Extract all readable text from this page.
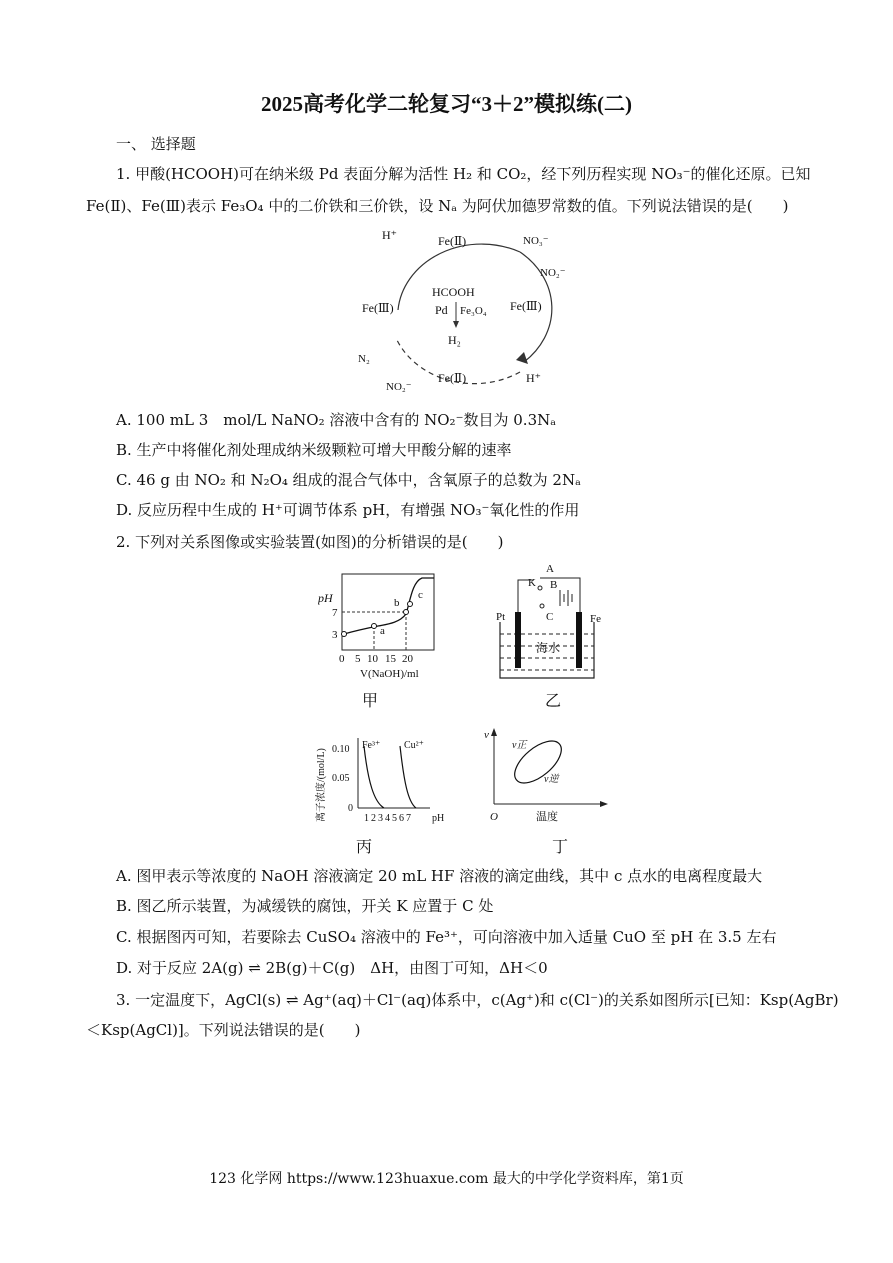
2025高考化学二轮复习“3＋2”模拟练(二)
一、 选择题
1. 甲酸(HCOOH)可在纳米级 Pd 表面分解为活性 H₂ 和 CO₂，经下列历程实现 NO₃⁻的催化还原。已知
Fe(Ⅱ)、Fe(Ⅲ)表示 Fe₃O₄ 中的二价铁和三价铁，设 Nₐ 为阿伏加德罗常数的值。下列说法错误的是(　　)
Fe(Ⅱ)
H⁺	NO₃⁻
NO₂⁻
Fe(Ⅲ)
Fe(Ⅲ)
HCOOH
Pd Fe₃O₄
H₂
Fe(Ⅱ)	H⁺
N₂
NO₂⁻
A. 100 mL 3　mol/L NaNO₂ 溶液中含有的 NO₂⁻数目为 0.3Nₐ
B. 生产中将催化剂处理成纳米级颗粒可增大甲酸分解的速率
C. 46 g 由 NO₂ 和 N₂O₄ 组成的混合气体中，含氧原子的总数为 2Nₐ
D. 反应历程中生成的 H⁺可调节体系 pH，有增强 NO₃⁻氧化性的作用
2. 下列对关系图像或实验装置(如图)的分析错误的是(　　)
pH
7
3	a
b
c
0 5 10 15 20
V(NaOH)/ml
甲
A
K B
C
Pt	Fe
海水
乙
离子浓度/(mol/L) 0.10
0.05
0
Fe³⁺ Cu²⁺
1 2 3 4 5 6 7 pH
丙
v
v正
v逆
O	温度
丁
A. 图甲表示等浓度的 NaOH 溶液滴定 20 mL HF 溶液的滴定曲线，其中 c 点水的电离程度最大
B. 图乙所示装置，为减缓铁的腐蚀，开关 K 应置于 C 处
C. 根据图丙可知，若要除去 CuSO₄ 溶液中的 Fe³⁺，可向溶液中加入适量 CuO 至 pH 在 3.5 左右
D. 对于反应 2A(g) ⇌ 2B(g)＋C(g)　ΔH，由图丁可知，ΔH＜0
3. 一定温度下，AgCl(s) ⇌ Ag⁺(aq)＋Cl⁻(aq)体系中，c(Ag⁺)和 c(Cl⁻)的关系如图所示[已知：Ksp(AgBr)
＜Ksp(AgCl)]。下列说法错误的是(　　)
123 化学网 https://www.123huaxue.com 最大的中学化学资料库，第1页
